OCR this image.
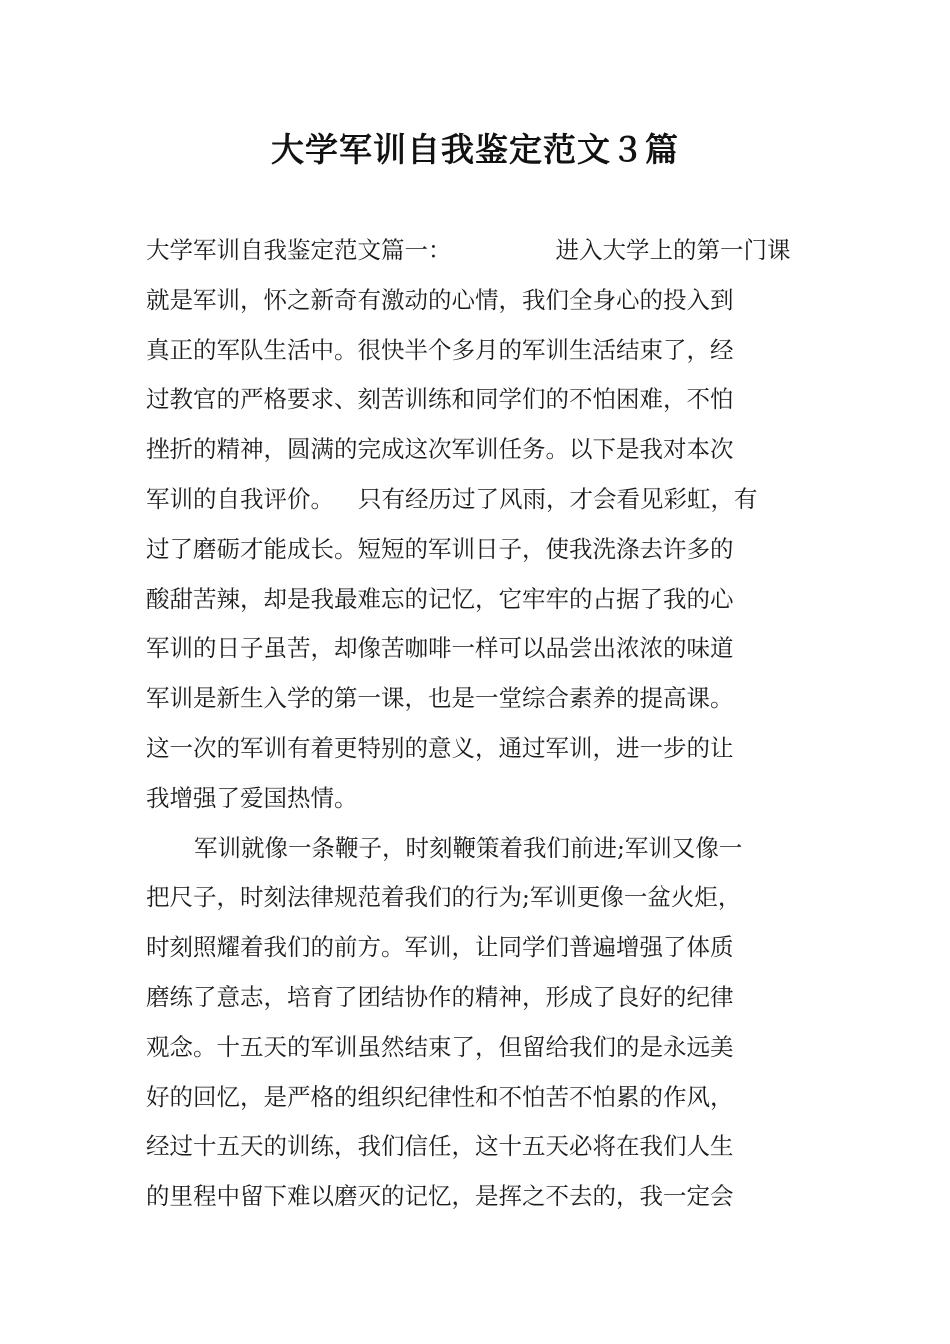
大学军训自我鉴定范文３篇
大学军训自我鉴定范文篇一：	进入大学上的第一门课
就是军训，怀之新奇有激动的心情，我们全身心的投入到
真正的军队生活中。很快半个多月的军训生活结束了，经
过教官的严格要求、刻苦训练和同学们的不怕困难，不怕
挫折的精神，圆满的完成这次军训任务。以下是我对本次
军训的自我评价。 只有经历过了风雨，才会看见彩虹，有
过了磨砺才能成长。短短的军训日子，使我洗涤去许多的
酸甜苦辣，却是我最难忘的记忆，它牢牢的占据了我的心
军训的日子虽苦，却像苦咖啡一样可以品尝出浓浓的味道
军训是新生入学的第一课，也是一堂综合素养的提高课。
这一次的军训有着更特别的意义，通过军训，进一步的让
我增强了爱国热情。
军训就像一条鞭子，时刻鞭策着我们前进;军训又像一
把尺子，时刻法律规范着我们的行为;军训更像一盆火炬，
时刻照耀着我们的前方。军训，让同学们普遍增强了体质
磨练了意志，培育了团结协作的精神，形成了良好的纪律
观念。十五天的军训虽然结束了，但留给我们的是永远美
好的回忆，是严格的组织纪律性和不怕苦不怕累的作风，
经过十五天的训练，我们信任，这十五天必将在我们人生
的里程中留下难以磨灭的记忆，是挥之不去的，我一定会
